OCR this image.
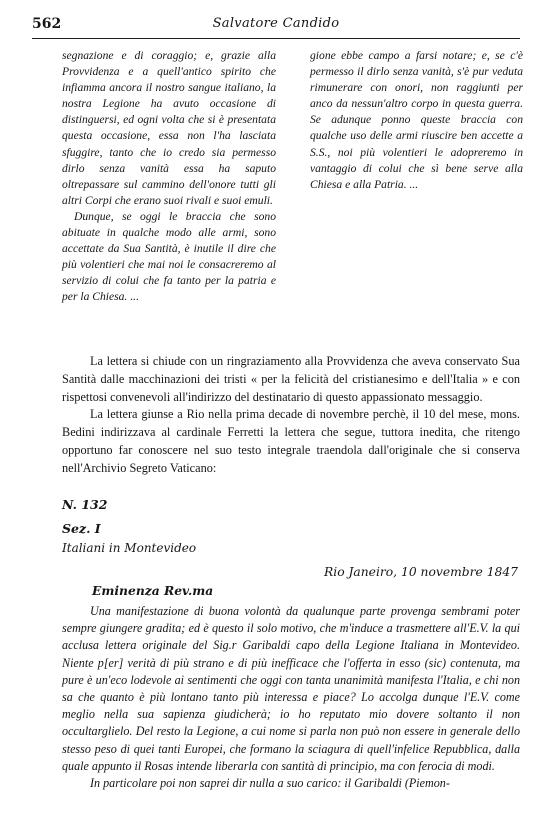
562	Salvatore Candido

segnazione e di coraggio; e, grazie alla Provvidenza e a quell'antico spirito che infiamma ancora il nostro sangue italiano, la nostra Legione ha avuto occasione di distinguersi, ed ogni volta che si è presentata questa occasione, essa non l'ha lasciata sfuggire, tanto che io credo sia permesso dirlo senza vanità essa ha saputo oltrepassare sul cammino dell'onore tutti gli altri Corpi che erano suoi rivali e suoi emuli.

Dunque, se oggi le braccia che sono abituate in qualche modo alle armi, sono accettate da Sua Santità, è inutile il dire che più volentieri che mai noi le consacreremo al servizio di colui che fa tanto per la patria e per la Chiesa. ...

gione ebbe campo a farsi notare; e, se c'è permesso il dirlo senza vanità, s'è pur veduta rimunerare con onori, non raggiunti per anco da nessun'altro corpo in questa guerra. Se adunque ponno queste braccia con qualche uso delle armi riuscire ben accette a S.S., noi più volentieri le adopreremo in vantaggio di colui che sì bene serve alla Chiesa e alla Patria. ...

La lettera si chiude con un ringraziamento alla Provvidenza che aveva conservato Sua Santità dalle macchinazioni dei tristi « per la felicità del cristianesimo e dell'Italia » e con rispettosi convenevoli all'indirizzo del destinatario di questo appassionato messaggio.

La lettera giunse a Rio nella prima decade di novembre perchè, il 10 del mese, mons. Bedini indirizzava al cardinale Ferretti la lettera che segue, tuttora inedita, che ritengo opportuno far conoscere nel suo testo integrale traendola dall'originale che si conserva nell'Archivio Segreto Vaticano:

N. 132
Sez. I
Italiani in Montevideo
Rio Janeiro, 10 novembre 1847
Eminenza Rev.ma

Una manifestazione di buona volontà da qualunque parte provenga sembrami poter sempre giungere gradita; ed è questo il solo motivo, che m'induce a trasmettere all'E.V. la qui acclusa lettera originale del Sig.r Garibaldi capo della Legione Italiana in Montevideo. Niente p[er] verità di più strano e di più inefficace che l'offerta in esso (sic) contenuta, ma pure è un'eco lodevole ai sentimenti che oggi con tanta unanimità manifesta l'Italia, e chi non sa che quanto è più lontano tanto più interessa e piace? Lo accolga dunque l'E.V. come meglio nella sua sapienza giudicherà; io ho reputato mio dovere soltanto il non occultarglielo. Del resto la Legione, a cui nome si parla non può non essere in generale dello stesso peso di quei tanti Europei, che formano la sciagura di quell'infelice Repubblica, dalla quale appunto il Rosas intende liberarla con santità di principio, ma con ferocia di modi.

In particolare poi non saprei dir nulla a suo carico: il Garibaldi (Piemon-
